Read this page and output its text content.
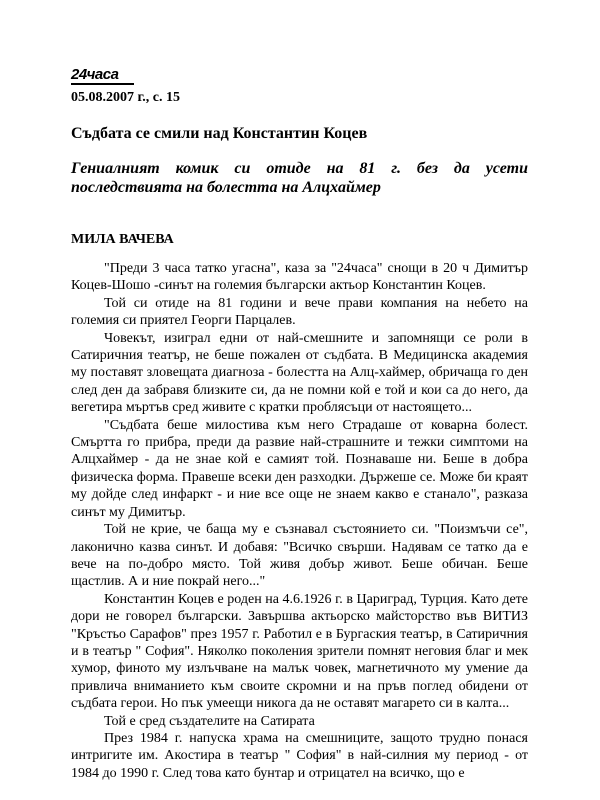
24часа
05.08.2007 г., с. 15
Съдбата се смили над Константин Коцев
Гениалният комик си отиде на 81 г. без да усети последствията на болестта на Алцхаймер
МИЛА ВАЧЕВА

"Преди 3 часа татко угасна", каза за "24часа" снощи в 20 ч Димитър Коцев-Шошо -синът на големия български актьор Константин Коцев.

Той си отиде на 81 години и вече прави компания на небето на големия си приятел Георги Парцалев.

Човекът, изиграл едни от най-смешните и запомнящи се роли в Сатиричния театър, не беше пожален от съдбата. В Медицинска академия му поставят зловещата диагноза - болестта на Алц-хаймер, обричаща го ден след ден да забравя близките си, да не помни кой е той и кои са до него, да вегетира мъртъв сред живите с кратки проблясъци от настоящето...

"Съдбата беше милостива към него Страдаше от коварна болест. Смъртта го прибра, преди да развие най-страшните и тежки симптоми на Алцхаймер - да не знае кой е самият той. Познаваше ни. Беше в добра физическа форма. Правеше всеки ден разходки. Държеше се. Може би краят му дойде след инфаркт - и ние все още не знаем какво е станало", разказа синът му Димитър.

Той не крие, че баща му е съзнавал състоянието си. "Поизмъчи се", лаконично казва синът. И добавя: "Всичко свърши. Надявам се татко да е вече на по-добро място. Той живя добър живот. Беше обичан. Беше щастлив. А и ние покрай него..."

Константин Коцев е роден на 4.6.1926 г. в Цариград, Турция. Като дете дори не говорел български. Завършва актьорско майсторство във ВИТИЗ "Кръстьо Сарафов" през 1957 г. Работил е в Бургаския театър, в Сатиричния и в театър " София". Няколко поколения зрители помнят неговия благ и мек хумор, финото му излъчване на малък човек, магнетичното му умение да привлича вниманието към своите скромни и на пръв поглед обидени от съдбата герои. Но пък умеещи никога да не оставят магарето си в калта...

Той е сред създателите на Сатирата

През 1984 г. напуска храма на смешниците, защото трудно понася интригите им. Акостира в театър " София" в най-силния му период - от 1984 до 1990 г. След това като бунтар и отрицател на всичко, що е
